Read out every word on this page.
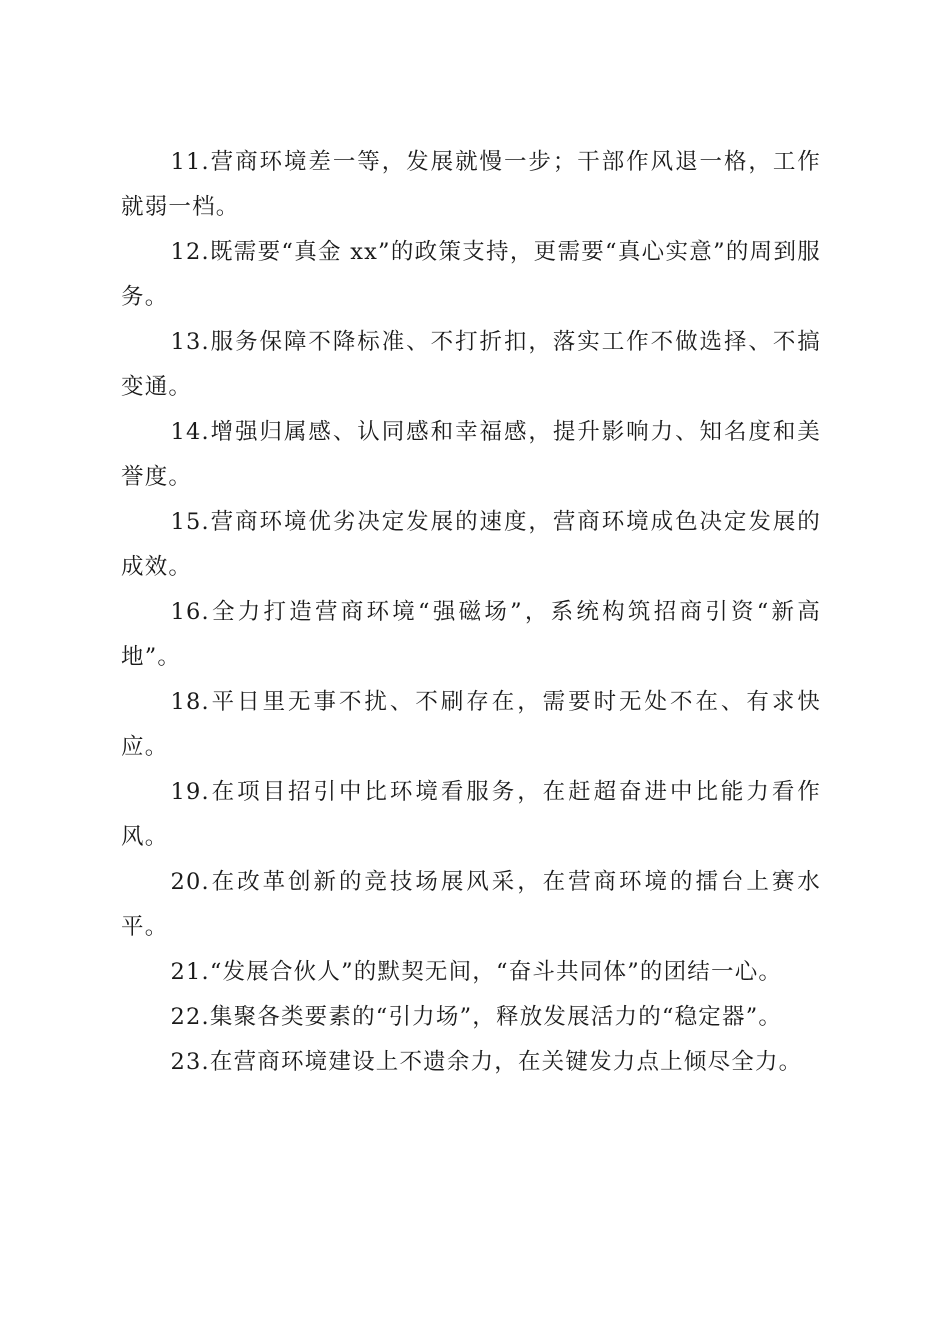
11.营商环境差一等，发展就慢一步；干部作风退一格，工作就弱一档。

12.既需要“真金 xx”的政策支持，更需要“真心实意”的周到服务。

13.服务保障不降标准、不打折扣，落实工作不做选择、不搞变通。

14.增强归属感、认同感和幸福感，提升影响力、知名度和美誉度。

15.营商环境优劣决定发展的速度，营商环境成色决定发展的成效。

16.全力打造营商环境“强磁场”，系统构筑招商引资“新高地”。

18.平日里无事不扰、不刷存在，需要时无处不在、有求快应。

19.在项目招引中比环境看服务，在赶超奋进中比能力看作风。

20.在改革创新的竞技场展风采，在营商环境的擂台上赛水平。

21.“发展合伙人”的默契无间，“奋斗共同体”的团结一心。

22.集聚各类要素的“引力场”，释放发展活力的“稳定器”。

23.在营商环境建设上不遗余力，在关键发力点上倾尽全力。
